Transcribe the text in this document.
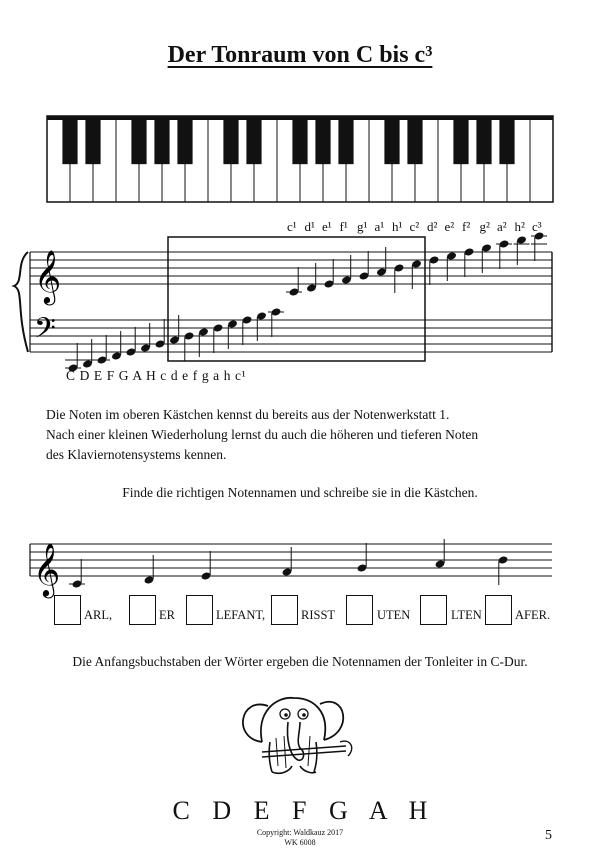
Der Tonraum von C bis c³
𝄞
𝄢
𝄞
c¹ d¹ e¹ f¹ g¹ a¹ h¹ c² d² e² f² g² a² h² c³
C D E F G A H c d e f g a h c¹
Die Noten im oberen Kästchen kennst du bereits aus der Notenwerkstatt 1.
Nach einer kleinen Wiederholung lernst du auch die höheren und tieferen Noten
des Klaviernotensystems kennen.
Finde die richtigen Notennamen und schreibe sie in die Kästchen.
ARL,	ER	LEFANT,	RISST	UTEN	LTEN	AFER.
Die Anfangsbuchstaben der Wörter ergeben die Notennamen der Tonleiter in C-Dur.
C D E F G A H
Copyright: Waldkauz 2017
WK 6008	5
